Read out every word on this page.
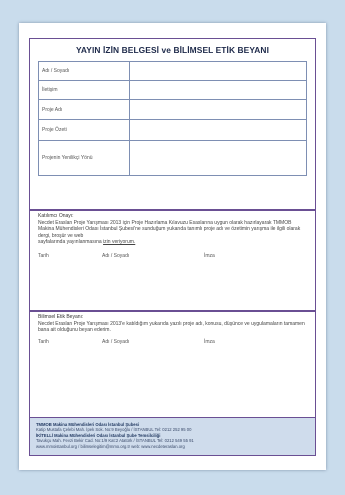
YAYIN İZİN BELGESİ ve BİLİMSEL ETİK BEYANI
Adı / Soyadı	
İletişim	
Proje Adı	
Proje Özeti	
Projenin Yenilikçi Yönü	
Katılımcı Onayı:
Necdet Eraslan Proje Yarışması 2013 için Proje Hazırlama Kılavuzu Esaslarına uygun olarak hazırlayarak TMMOB Makina Mühendisleri Odası İstanbul Şubesi'ne sunduğum yukarıda tanımlı proje adı ve özetimin yarışma ile ilgili olarak dergi, broşür ve web
sayfalarında yayınlanmasına izin veriyorum.
Tarih	Adı / Soyadı	İmza
Bilimsel Etik Beyanı:
Necdet Eraslan Proje Yarışması 2013'e katıldığım yukarıda yazılı proje adı, konusu, düşünce ve uygulamaların tamamen bana ait olduğunu beyan ederim.
Tarih	Adı / Soyadı	İmza
TMMOB Makina Mühendisleri Odası İstanbul Şubesi
Katip Mustafa Çelebi Mah. İpek Sok. No:9 Beyoğlu / İSTANBUL Tel: 0212 252 95 00
İKİTELLİ Makina Mühendisleri Odası İstanbul Şube Temsilciliği
Tavukçu Mah. Fevzi Bekir Cad. No:1/9 Kat:2 Atatürk / İSTANBUL Tel: 0212 549 55 91
www.mmoistanbul.org / bilimselegitim@mmo.org.tr web: www.necdeteraslan.org
